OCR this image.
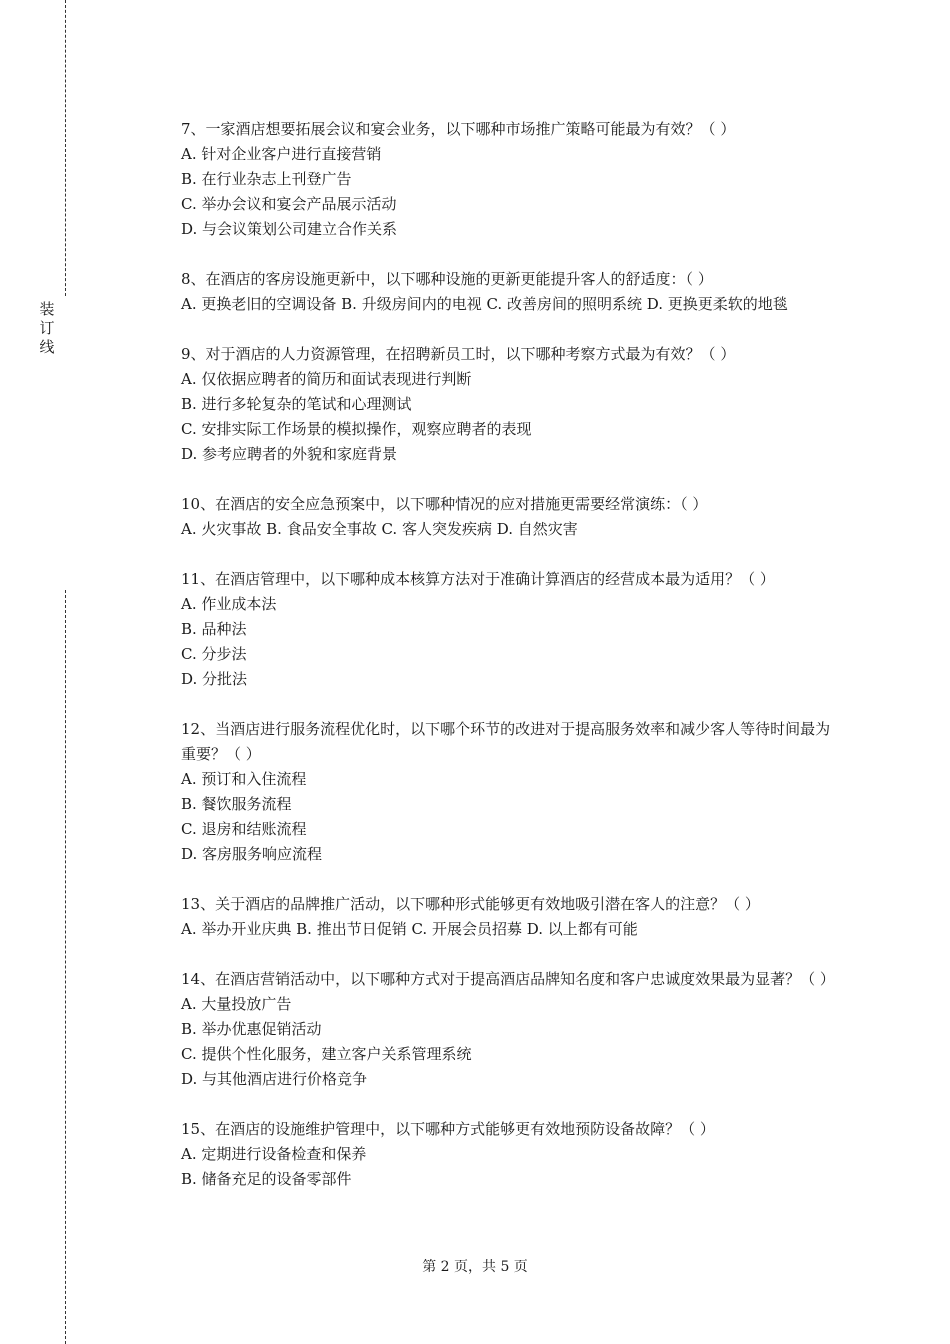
装
订
线
7、一家酒店想要拓展会议和宴会业务，以下哪种市场推广策略可能最为有效？（ ）
A. 针对企业客户进行直接营销
B. 在行业杂志上刊登广告
C. 举办会议和宴会产品展示活动
D. 与会议策划公司建立合作关系
8、在酒店的客房设施更新中，以下哪种设施的更新更能提升客人的舒适度：（ ）
A. 更换老旧的空调设备 B. 升级房间内的电视 C. 改善房间的照明系统 D. 更换更柔软的地毯
9、对于酒店的人力资源管理，在招聘新员工时，以下哪种考察方式最为有效？（ ）
A. 仅依据应聘者的简历和面试表现进行判断
B. 进行多轮复杂的笔试和心理测试
C. 安排实际工作场景的模拟操作，观察应聘者的表现
D. 参考应聘者的外貌和家庭背景
10、在酒店的安全应急预案中，以下哪种情况的应对措施更需要经常演练：（ ）
A. 火灾事故 B. 食品安全事故 C. 客人突发疾病 D. 自然灾害
11、在酒店管理中，以下哪种成本核算方法对于准确计算酒店的经营成本最为适用？（ ）
A. 作业成本法
B. 品种法
C. 分步法
D. 分批法
12、当酒店进行服务流程优化时，以下哪个环节的改进对于提高服务效率和减少客人等待时间最为重要？（ ）
A. 预订和入住流程
B. 餐饮服务流程
C. 退房和结账流程
D. 客房服务响应流程
13、关于酒店的品牌推广活动，以下哪种形式能够更有效地吸引潜在客人的注意？（ ）
A. 举办开业庆典 B. 推出节日促销 C. 开展会员招募 D. 以上都有可能
14、在酒店营销活动中，以下哪种方式对于提高酒店品牌知名度和客户忠诚度效果最为显著？（ ）
A. 大量投放广告
B. 举办优惠促销活动
C. 提供个性化服务，建立客户关系管理系统
D. 与其他酒店进行价格竞争
15、在酒店的设施维护管理中，以下哪种方式能够更有效地预防设备故障？（ ）
A. 定期进行设备检查和保养
B. 储备充足的设备零部件
第 2 页，共 5 页
